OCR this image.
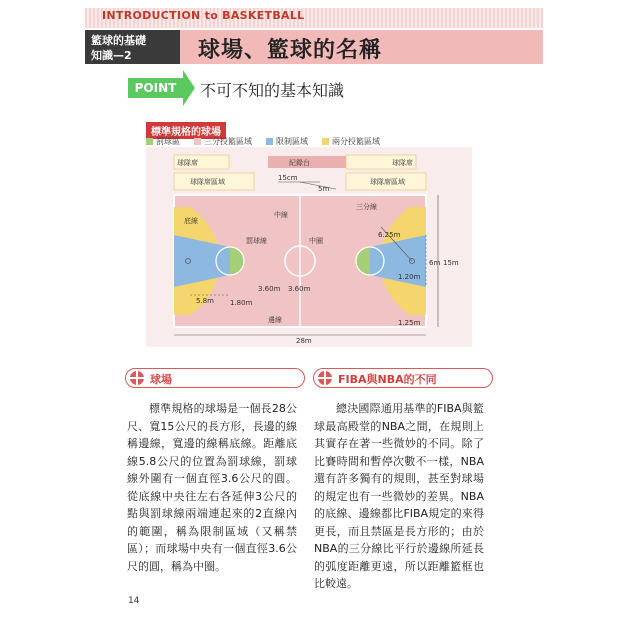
INTRODUCTION to BASKETBALL
籃球的基礎
知識—2	球場、籃球的名稱
POINT	不可不知的基本知識
標準規格的球場
罰球區	三分投籃區域	限制區域	兩分投籃區域
球隊席
球隊席區域
紀錄台	球隊席
球隊席區域
底線
罰球線
中線
中圈
三分線
邊線
15cm
5m
6.25m
1.20m
6m 15m
5.8m
3.60m 3.60m
1.80m
1.25m
28m
球場	FIBA與NBA的不同
標準規格的球場是一個長28公尺、寬15公尺的長方形，長邊的線稱邊線，寬邊的線稱底線。距離底線5.8公尺的位置為罰球線，罰球線外圍有一個直徑3.6公尺的圓。從底線中央往左右各延伸3公尺的點與罰球線兩端連起來的2直線內的範圍，稱為限制區域（又稱禁區）；而球場中央有一個直徑3.6公尺的圓，稱為中圈。
總決國際通用基準的FIBA與籃球最高殿堂的NBA之間，在規則上其實存在著一些微妙的不同。除了比賽時間和暫停次數不一樣，NBA還有許多獨有的規則，甚至對球場的規定也有一些微妙的差異。NBA的底線、邊線都比FIBA規定的來得更長，而且禁區是長方形的；由於NBA的三分線比平行於邊線所延長的弧度距離更遠，所以距離籃框也比較遠。
14
